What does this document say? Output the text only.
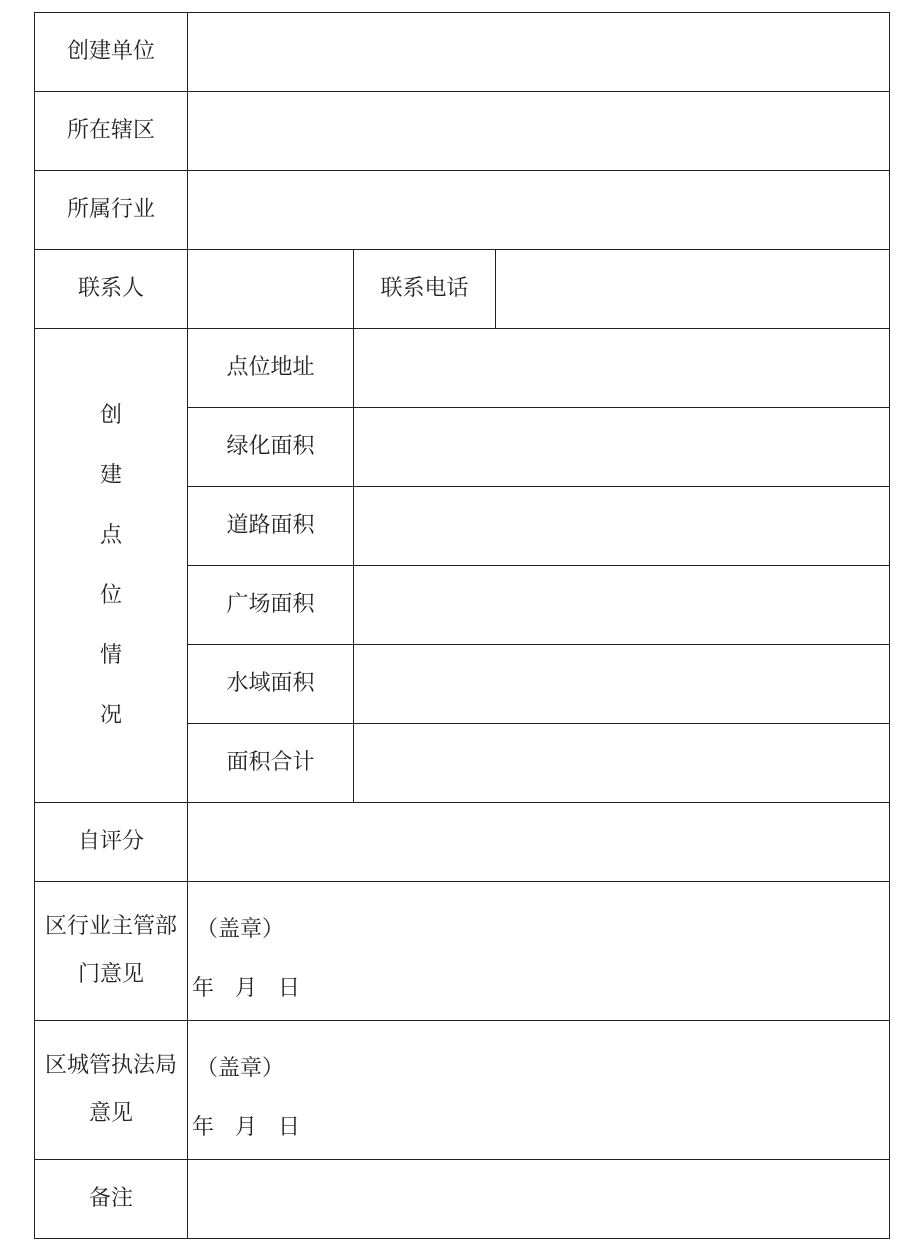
创建单位
所在辖区
所属行业
联系人	联系电话
创
建
点
位
情
况
点位地址
绿化面积
道路面积
广场面积
水域面积
面积合计
自评分
区行业主管部
门意见
（盖章）
年 月 日
区城管执法局
意见
（盖章）
年 月 日
备注
